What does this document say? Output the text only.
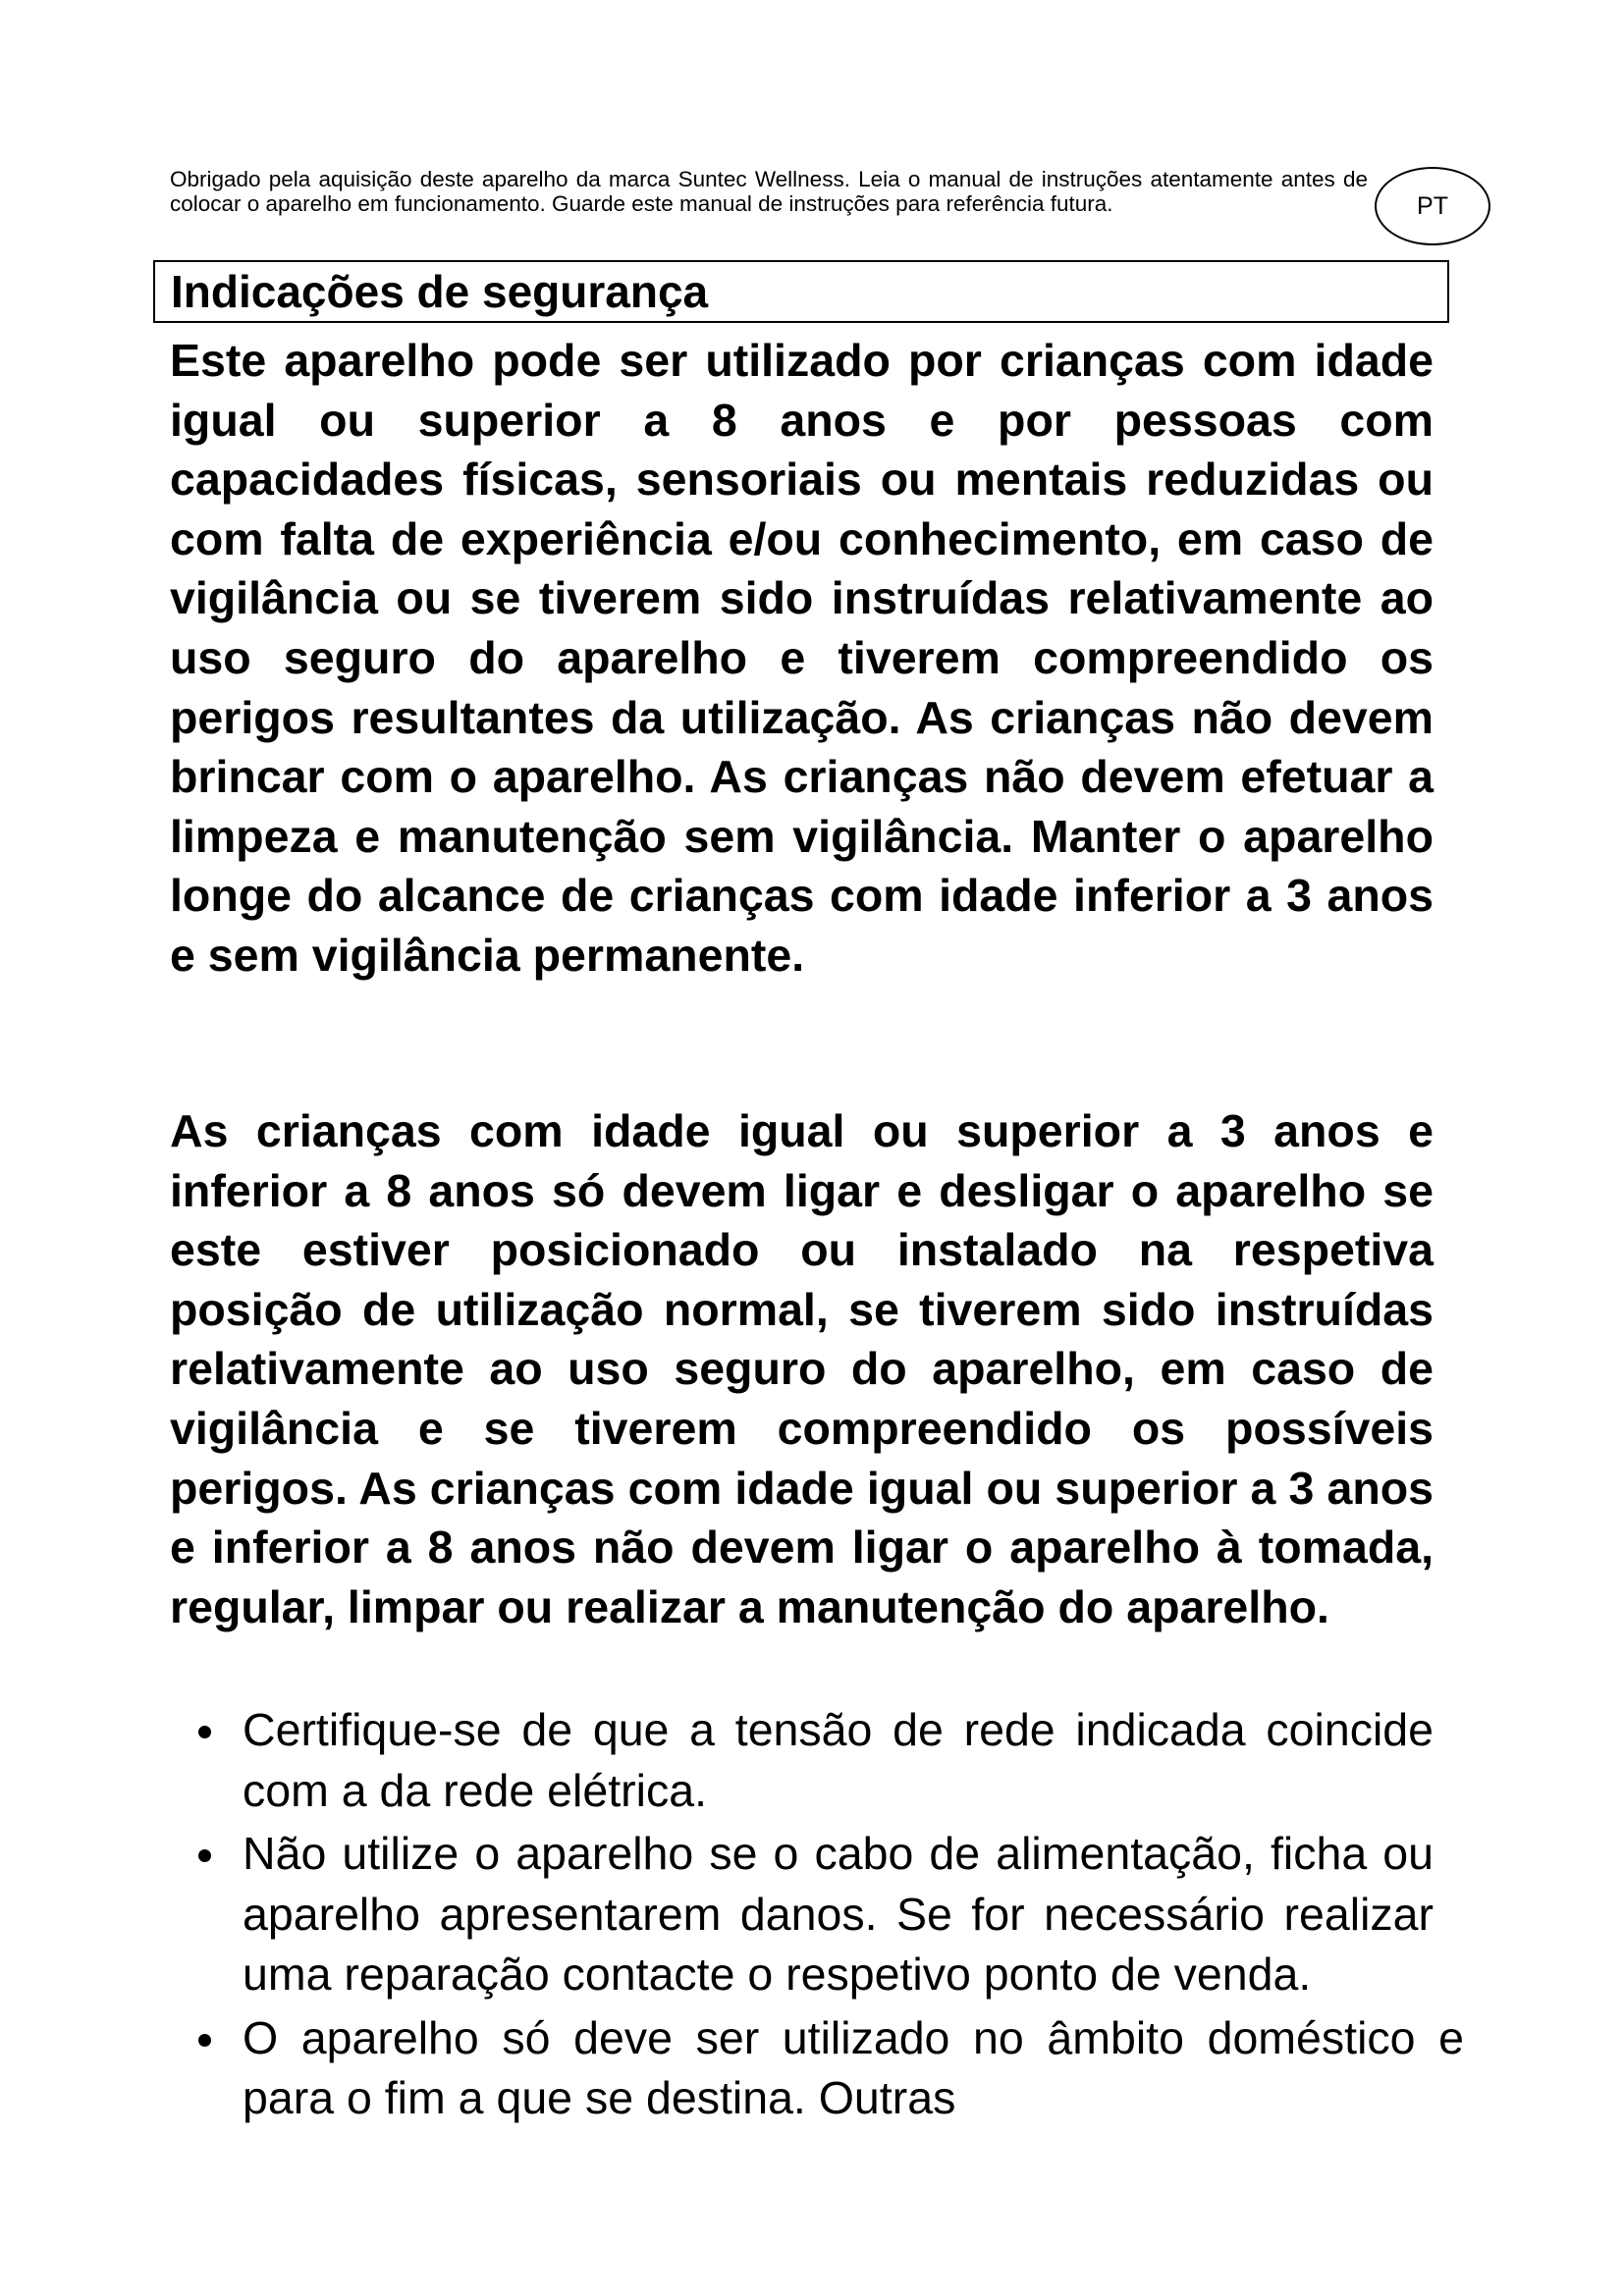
Obrigado pela aquisição deste aparelho da marca Suntec Wellness. Leia o manual de instruções atentamente antes de colocar o aparelho em funcionamento. Guarde este manual de instruções para referência futura.	PT
Indicações de segurança

Este aparelho pode ser utilizado por crianças com idade igual ou superior a 8 anos e por pessoas com capacidades físicas, sensoriais ou mentais reduzidas ou com falta de experiência e/ou conhecimento, em caso de vigilância ou se tiverem sido instruídas relativamente ao uso seguro do aparelho e tiverem compreendido os perigos resultantes da utilização. As crianças não devem brincar com o aparelho. As crianças não devem efetuar a limpeza e manutenção sem vigilância. Manter o aparelho longe do alcance de crianças com idade inferior a 3 anos e sem vigilância permanente.

As crianças com idade igual ou superior a 3 anos e inferior a 8 anos só devem ligar e desligar o aparelho se este estiver posicionado ou instalado na respetiva posição de utilização normal, se tiverem sido instruídas relativamente ao uso seguro do aparelho, em caso de vigilância e se tiverem compreendido os possíveis perigos. As crianças com idade igual ou superior a 3 anos e inferior a 8 anos não devem ligar o aparelho à tomada, regular, limpar ou realizar a manutenção do aparelho.

Certifique-se de que a tensão de rede indicada coincide com a da rede elétrica.
Não utilize o aparelho se o cabo de alimentação, ficha ou aparelho apresentarem danos. Se for necessário realizar uma reparação contacte o respetivo ponto de venda.
O aparelho só deve ser utilizado no âmbito doméstico e para o fim a que se destina. Outras
